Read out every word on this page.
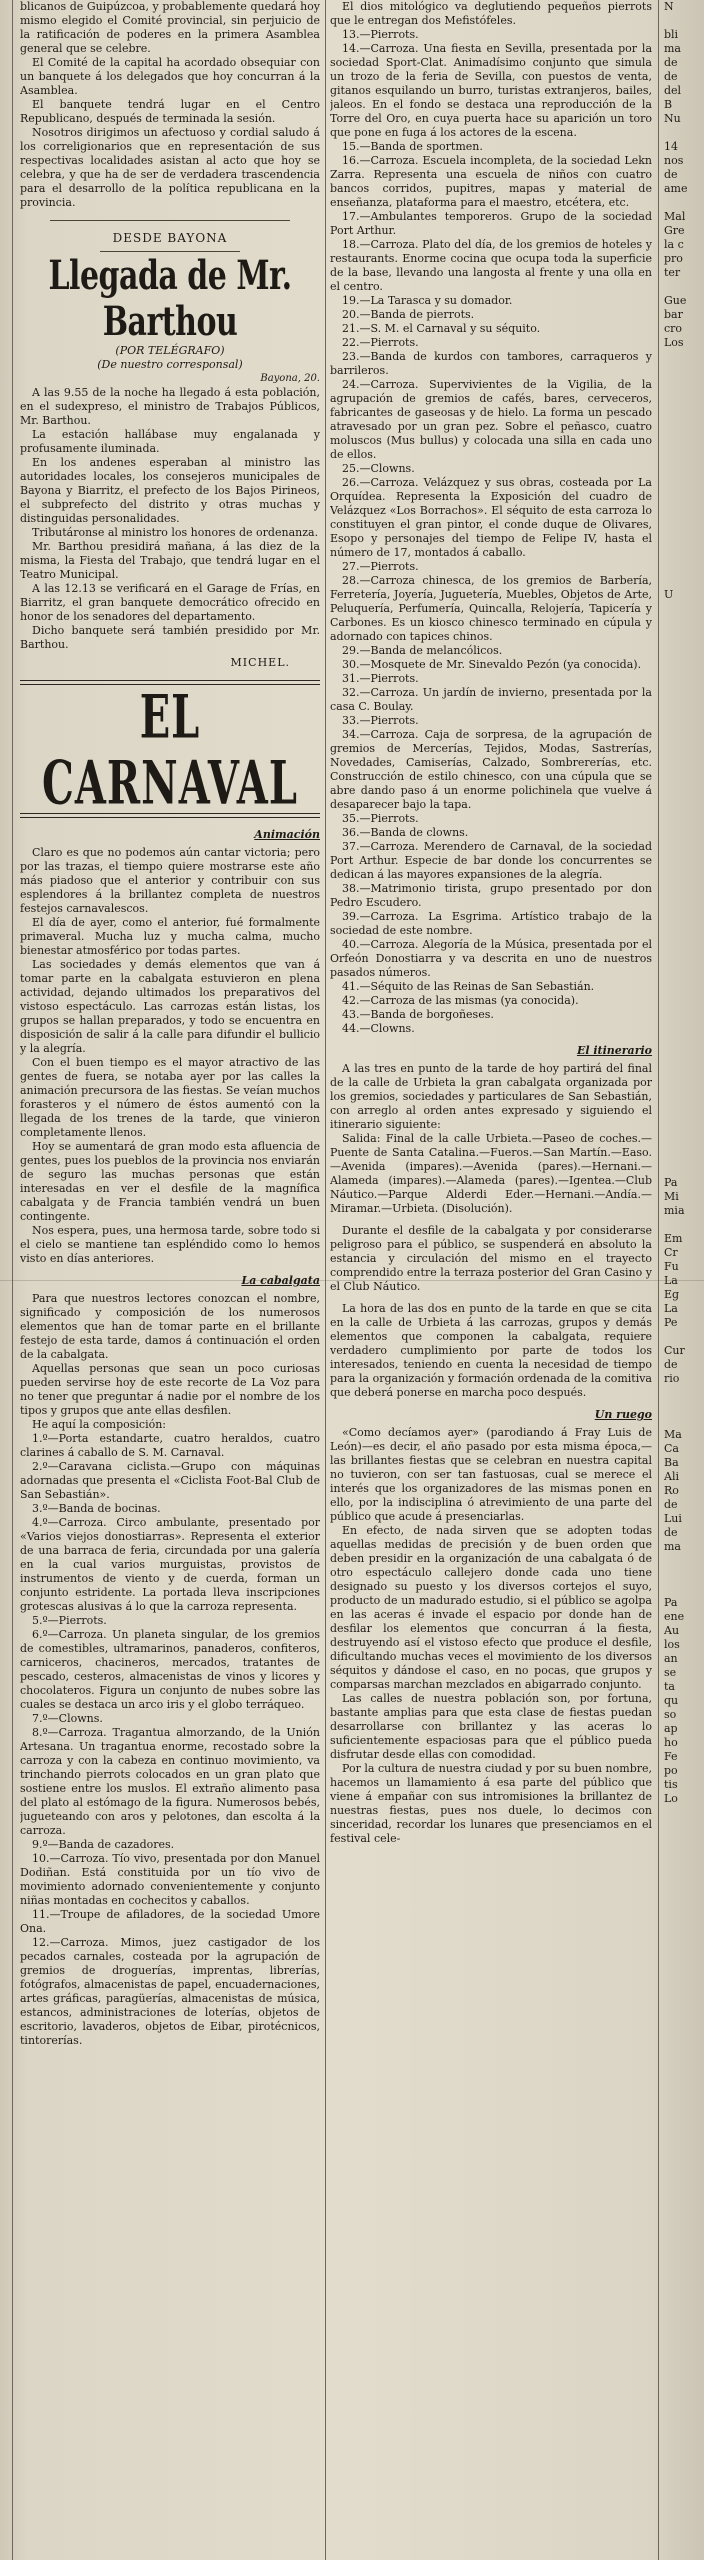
blicanos de Guipúzcoa, y probablemente quedará hoy mismo elegido el Comité provincial, sin perjuicio de la ratificación de poderes en la primera Asamblea general que se celebre.

El Comité de la capital ha acordado obsequiar con un banquete á los delegados que hoy concurran á la Asamblea.

El banquete tendrá lugar en el Centro Republicano, después de terminada la sesión.

Nosotros dirigimos un afectuoso y cordial saludo á los correligionarios que en representación de sus respectivas localidades asistan al acto que hoy se celebra, y que ha de ser de verdadera trascendencia para el desarrollo de la política republicana en la provincia.

DESDE BAYONA
Llegada de Mr. Barthou
(POR TELÉGRAFO)
(De nuestro corresponsal)
Bayona, 20.

A las 9.55 de la noche ha llegado á esta población, en el sudexpreso, el ministro de Trabajos Públicos, Mr. Barthou.

La estación hallábase muy engalanada y profusamente iluminada.

En los andenes esperaban al ministro las autoridades locales, los consejeros municipales de Bayona y Biarritz, el prefecto de los Bajos Pirineos, el subprefecto del distrito y otras muchas y distinguidas personalidades.

Tributáronse al ministro los honores de ordenanza.

Mr. Barthou presidirá mañana, á las diez de la misma, la Fiesta del Trabajo, que tendrá lugar en el Teatro Municipal.

A las 12.13 se verificará en el Garage de Frías, en Biarritz, el gran banquete democrático ofrecido en honor de los senadores del departamento.

Dicho banquete será también presidido por Mr. Barthou.

MICHEL.
EL CARNAVAL
Animación

Claro es que no podemos aún cantar victoria; pero por las trazas, el tiempo quiere mostrarse este año más piadoso que el anterior y contribuir con sus esplendores á la brillantez completa de nuestros festejos carnavalescos.

El día de ayer, como el anterior, fué formalmente primaveral. Mucha luz y mucha calma, mucho bienestar atmosférico por todas partes.

Las sociedades y demás elementos que van á tomar parte en la cabalgata estuvieron en plena actividad, dejando ultimados los preparativos del vistoso espectáculo. Las carrozas están listas, los grupos se hallan preparados, y todo se encuentra en disposición de salir á la calle para difundir el bullicio y la alegría.

Con el buen tiempo es el mayor atractivo de las gentes de fuera, se notaba ayer por las calles la animación precursora de las fiestas. Se veían muchos forasteros y el número de éstos aumentó con la llegada de los trenes de la tarde, que vinieron completamente llenos.

Hoy se aumentará de gran modo esta afluencia de gentes, pues los pueblos de la provincia nos enviarán de seguro las muchas personas que están interesadas en ver el desfile de la magnífica cabalgata y de Francia también vendrá un buen contingente.

Nos espera, pues, una hermosa tarde, sobre todo si el cielo se mantiene tan espléndido como lo hemos visto en días anteriores.

La cabalgata

Para que nuestros lectores conozcan el nombre, significado y composición de los numerosos elementos que han de tomar parte en el brillante festejo de esta tarde, damos á continuación el orden de la cabalgata.

Aquellas personas que sean un poco curiosas pueden servirse hoy de este recorte de La Voz para no tener que preguntar á nadie por el nombre de los tipos y grupos que ante ellas desfilen.

He aquí la composición:

1.º—Porta estandarte, cuatro heraldos, cuatro clarines á caballo de S. M. Carnaval.

2.º—Caravana ciclista.—Grupo con máquinas adornadas que presenta el «Ciclista Foot-Bal Club de San Sebastián».

3.º—Banda de bocinas.

4.º—Carroza. Circo ambulante, presentado por «Varios viejos donostiarras». Representa el exterior de una barraca de feria, circundada por una galería en la cual varios murguistas, provistos de instrumentos de viento y de cuerda, forman un conjunto estridente. La portada lleva inscripciones grotescas alusivas á lo que la carroza representa.

5.º—Pierrots.

6.º—Carroza. Un planeta singular, de los gremios de comestibles, ultramarinos, panaderos, confiteros, carniceros, chacineros, mercados, tratantes de pescado, cesteros, almacenistas de vinos y licores y chocolateros. Figura un conjunto de nubes sobre las cuales se destaca un arco iris y el globo terráqueo.

7.º—Clowns.

8.º—Carroza. Tragantua almorzando, de la Unión Artesana. Un tragantua enorme, recostado sobre la carroza y con la cabeza en continuo movimiento, va trinchando pierrots colocados en un gran plato que sostiene entre los muslos. El extraño alimento pasa del plato al estómago de la figura. Numerosos bebés, jugueteando con aros y pelotones, dan escolta á la carroza.

9.º—Banda de cazadores.

10.—Carroza. Tío vivo, presentada por don Manuel Dodiñan. Está constituida por un tío vivo de movimiento adornado convenientemente y conjunto niñas montadas en cochecitos y caballos.

11.—Troupe de afiladores, de la sociedad Umore Ona.

12.—Carroza. Mimos, juez castigador de los pecados carnales, costeada por la agrupación de gremios de droguerías, imprentas, librerías, fotógrafos, almacenistas de papel, encuadernaciones, artes gráficas, paragüerías, almacenistas de música, estancos, administraciones de loterías, objetos de escritorio, lavaderos, objetos de Eibar, pirotécnicos, tintorerías.

El dios mitológico va deglutiendo pequeños pierrots que le entregan dos Mefistófeles.

13.—Pierrots.

14.—Carroza. Una fiesta en Sevilla, presentada por la sociedad Sport-Clat. Animadísimo conjunto que simula un trozo de la feria de Sevilla, con puestos de venta, gitanos esquilando un burro, turistas extranjeros, bailes, jaleos. En el fondo se destaca una reproducción de la Torre del Oro, en cuya puerta hace su aparición un toro que pone en fuga á los actores de la escena.

15.—Banda de sportmen.

16.—Carroza. Escuela incompleta, de la sociedad Lekn Zarra. Representa una escuela de niños con cuatro bancos corridos, pupitres, mapas y material de enseñanza, plataforma para el maestro, etcétera, etc.

17.—Ambulantes temporeros. Grupo de la sociedad Port Arthur.

18.—Carroza. Plato del día, de los gremios de hoteles y restaurants. Enorme cocina que ocupa toda la superficie de la base, llevando una langosta al frente y una olla en el centro.

19.—La Tarasca y su domador.

20.—Banda de pierrots.

21.—S. M. el Carnaval y su séquito.

22.—Pierrots.

23.—Banda de kurdos con tambores, carraqueros y barrileros.

24.—Carroza. Supervivientes de la Vigilia, de la agrupación de gremios de cafés, bares, cerveceros, fabricantes de gaseosas y de hielo. La forma un pescado atravesado por un gran pez. Sobre el peñasco, cuatro moluscos (Mus bullus) y colocada una silla en cada uno de ellos.

25.—Clowns.

26.—Carroza. Velázquez y sus obras, costeada por La Orquídea. Representa la Exposición del cuadro de Velázquez «Los Borrachos». El séquito de esta carroza lo constituyen el gran pintor, el conde duque de Olivares, Esopo y personajes del tiempo de Felipe IV, hasta el número de 17, montados á caballo.

27.—Pierrots.

28.—Carroza chinesca, de los gremios de Barbería, Ferretería, Joyería, Juguetería, Muebles, Objetos de Arte, Peluquería, Perfumería, Quincalla, Relojería, Tapicería y Carbones. Es un kiosco chinesco terminado en cúpula y adornado con tapices chinos.

29.—Banda de melancólicos.

30.—Mosquete de Mr. Sinevaldo Pezón (ya conocida).

31.—Pierrots.

32.—Carroza. Un jardín de invierno, presentada por la casa C. Boulay.

33.—Pierrots.

34.—Carroza. Caja de sorpresa, de la agrupación de gremios de Mercerías, Tejidos, Modas, Sastrerías, Novedades, Camiserías, Calzado, Sombrererías, etc. Construcción de estilo chinesco, con una cúpula que se abre dando paso á un enorme polichinela que vuelve á desaparecer bajo la tapa.

35.—Pierrots.

36.—Banda de clowns.

37.—Carroza. Merendero de Carnaval, de la sociedad Port Arthur. Especie de bar donde los concurrentes se dedican á las mayores expansiones de la alegría.

38.—Matrimonio tirista, grupo presentado por don Pedro Escudero.

39.—Carroza. La Esgrima. Artístico trabajo de la sociedad de este nombre.

40.—Carroza. Alegoría de la Música, presentada por el Orfeón Donostiarra y va descrita en uno de nuestros pasados números.

41.—Séquito de las Reinas de San Sebastián.

42.—Carroza de las mismas (ya conocida).

43.—Banda de borgoñeses.

44.—Clowns.

El itinerario

A las tres en punto de la tarde de hoy partirá del final de la calle de Urbieta la gran cabalgata organizada por los gremios, sociedades y particulares de San Sebastián, con arreglo al orden antes expresado y siguiendo el itinerario siguiente:

Salida: Final de la calle Urbieta.—Paseo de coches.—Puente de Santa Catalina.—Fueros.—San Martín.—Easo.—Avenida (impares).—Avenida (pares).—Hernani.—Alameda (impares).—Alameda (pares).—Igentea.—Club Náutico.—Parque Alderdi Eder.—Hernani.—Andía.—Miramar.—Urbieta. (Disolución).

Durante el desfile de la cabalgata y por considerarse peligroso para el público, se suspenderá en absoluto la estancia y circulación del mismo en el trayecto comprendido entre la terraza posterior del Gran Casino y el Club Náutico.

La hora de las dos en punto de la tarde en que se cita en la calle de Urbieta á las carrozas, grupos y demás elementos que componen la cabalgata, requiere verdadero cumplimiento por parte de todos los interesados, teniendo en cuenta la necesidad de tiempo para la organización y formación ordenada de la comitiva que deberá ponerse en marcha poco después.

Un ruego

«Como decíamos ayer» (parodiando á Fray Luis de León)—es decir, el año pasado por esta misma época,—las brillantes fiestas que se celebran en nuestra capital no tuvieron, con ser tan fastuosas, cual se merece el interés que los organizadores de las mismas ponen en ello, por la indisciplina ó atrevimiento de una parte del público que acude á presenciarlas.

En efecto, de nada sirven que se adopten todas aquellas medidas de precisión y de buen orden que deben presidir en la organización de una cabalgata ó de otro espectáculo callejero donde cada uno tiene designado su puesto y los diversos cortejos el suyo, producto de un madurado estudio, si el público se agolpa en las aceras é invade el espacio por donde han de desfilar los elementos que concurran á la fiesta, destruyendo así el vistoso efecto que produce el desfile, dificultando muchas veces el movimiento de los diversos séquitos y dándose el caso, en no pocas, que grupos y comparsas marchan mezclados en abigarrado conjunto.

Las calles de nuestra población son, por fortuna, bastante amplias para que esta clase de fiestas puedan desarrollarse con brillantez y las aceras lo suficientemente espaciosas para que el público pueda disfrutar desde ellas con comodidad.

Por la cultura de nuestra ciudad y por su buen nombre, hacemos un llamamiento á esa parte del público que viene á empañar con sus intromisiones la brillantez de nuestras fiestas, pues nos duele, lo decimos con sinceridad, recordar los lunares que presenciamos en el festival cele-

N

bli
ma
de
de
del
B
Nu

14
nos
de
ame

Mal
Gre
la c
pro
ter

Gue
bar
cro
Los

U

Pa
Mi
mia

Em
Cr
Fu
La
Eg
La
Pe

Cur
de
rio

Ma
Ca
Ba
Ali
Ro
de
Lui
de
ma

Pa
ene
Au
los
an
se
ta
qu
so
ap
ho
Fe
po
tis
Lo
